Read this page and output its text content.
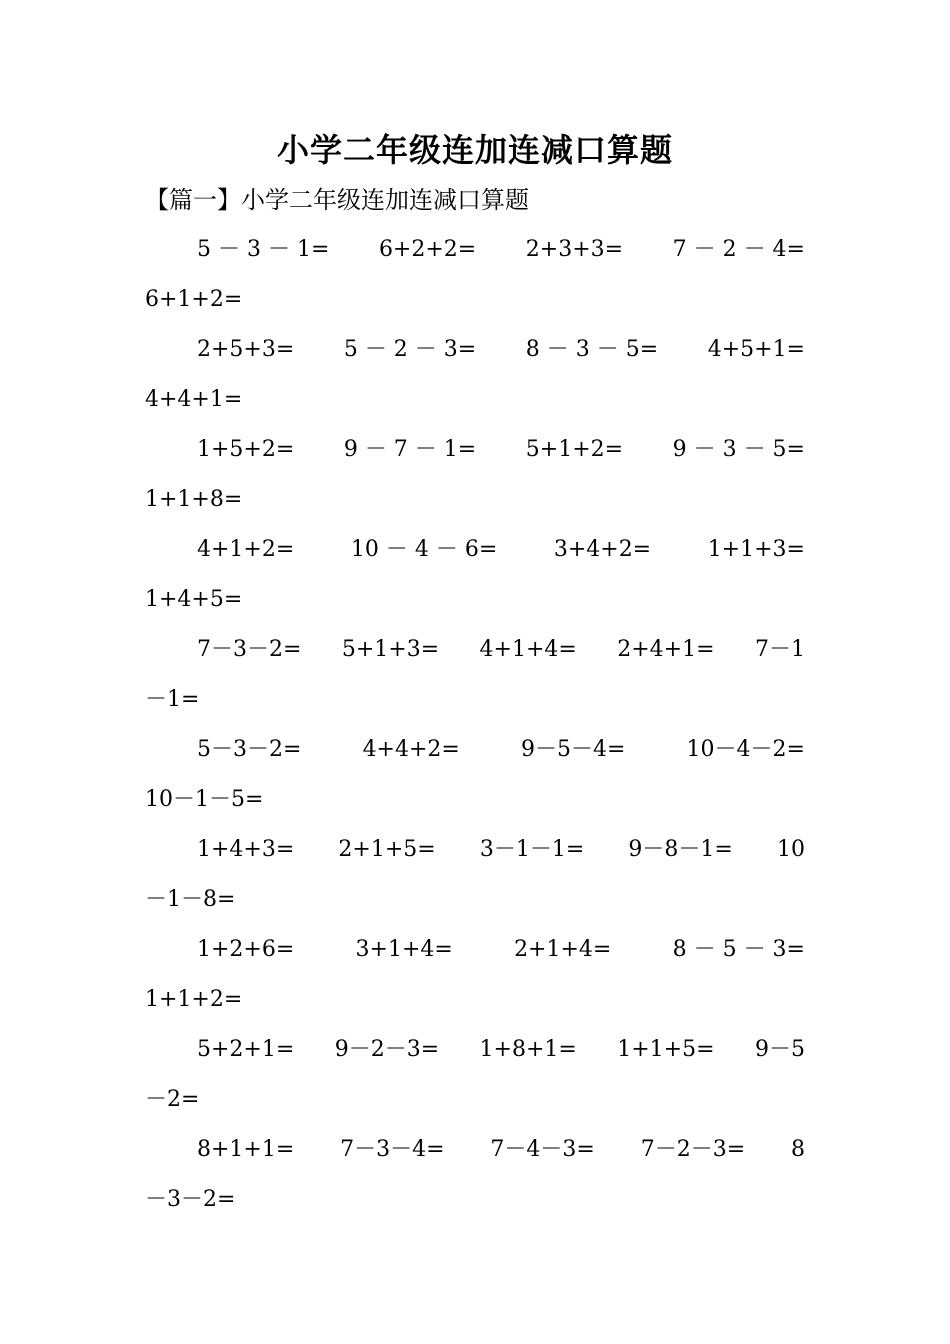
小学二年级连加连减口算题
【篇一】小学二年级连加连减口算题
5 － 3 － 1= 6+2+2= 2+3+3= 7 － 2 － 4=
6+1+2=
2+5+3= 5 － 2 － 3= 8 － 3 － 5= 4+5+1=
4+4+1=
1+5+2= 9 － 7 － 1= 5+1+2= 9 － 3 － 5=
1+1+8=
4+1+2=	10 － 4 － 6=	3+4+2=	1+1+3=
1+4+5=
7－3－2= 5+1+3= 4+1+4= 2+4+1= 7－1
－1=
5－3－2=	4+4+2=	9－5－4=	10－4－2=
10－1－5=
1+4+3= 2+1+5= 3－1－1= 9－8－1= 10
－1－8=
1+2+6=	3+1+4=	2+1+4=	8 － 5 － 3=
1+1+2=
5+2+1= 9－2－3= 1+8+1= 1+1+5= 9－5
－2=
8+1+1= 7－3－4= 7－4－3= 7－2－3= 8
－3－2=
